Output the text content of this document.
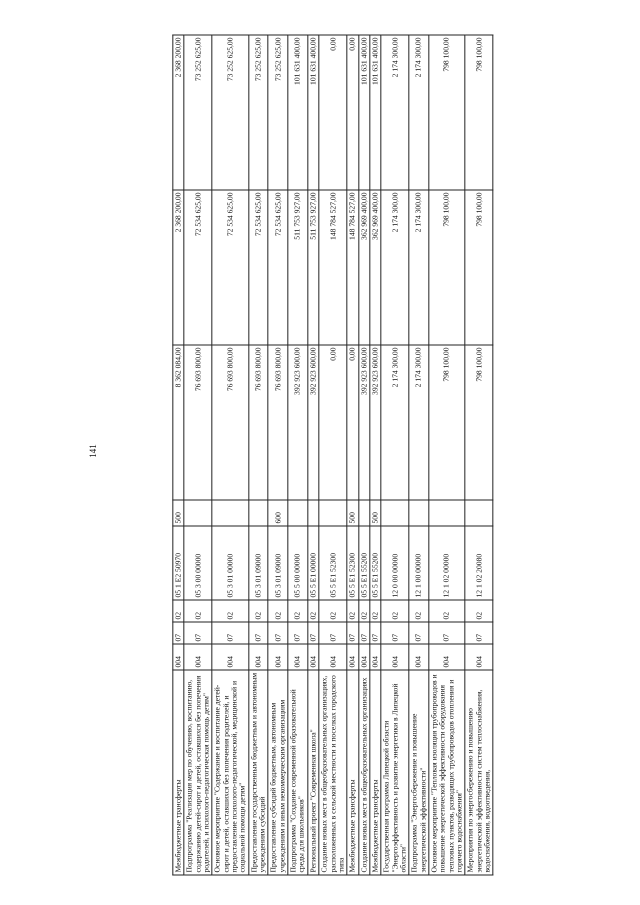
141
Межбюджетные трансферты	004	07	02	05 1 E2 50970	500	8 362 084,00	2 368 200,00	2 368 200,00
Подпрограмма "Реализация мер по обучению, воспитанию, содержанию детей-сирот и детей, оставшихся без попечения родителей, и психолого-педагогическая помощь детям"	004	07	02	05 3 00 00000		76 693 800,00	72 534 625,00	73 252 625,00
Основное мероприятие "Содержание и воспитание детей-сирот и детей, оставшихся без попечения родителей, и предоставление психолого-педагогической, медицинской и социальной помощи детям"	004	07	02	05 3 01 00000		76 693 800,00	72 534 625,00	73 252 625,00
Предоставление государственным бюджетным и автономным учреждениям субсидий	004	07	02	05 3 01 09000		76 693 800,00	72 534 625,00	73 252 625,00
Предоставление субсидий бюджетным, автономным учреждениям и иным некоммерческим организациям	004	07	02	05 3 01 09000	600	76 693 800,00	72 534 625,00	73 252 625,00
Подпрограмма "Создание современной образовательной среды для школьников"	004	07	02	05 5 00 00000		392 923 600,00	511 753 927,00	101 631 400,00
Региональный проект "Современная школа"	004	07	02	05 5 E1 00000		392 923 600,00	511 753 927,00	101 631 400,00
Создание новых мест в общеобразовательных организациях, расположенных в сельской местности и поселках городского типа	004	07	02	05 5 E1 52300		0,00	148 784 527,00	0,00
Межбюджетные трансферты	004	07	02	05 5 E1 52300	500	0,00	148 784 527,00	0,00
Создание новых мест в общеобразовательных организациях	004	07	02	05 5 E1 55200		392 923 600,00	362 969 400,00	101 631 400,00
Межбюджетные трансферты	004	07	02	05 5 E1 55200	500	392 923 600,00	362 969 400,00	101 631 400,00
Государственная программа Липецкой области "Энергоэффективность и развитие энергетики в Липецкой области"	004	07	02	12 0 00 00000		2 174 300,00	2 174 300,00	2 174 300,00
Подпрограмма "Энергосбережение и повышение энергетической эффективности"	004	07	02	12 1 00 00000		2 174 300,00	2 174 300,00	2 174 300,00
Основное мероприятие "Тепловая изоляция трубопроводов и повышение энергетической эффективности оборудования тепловых пунктов, разводящих трубопроводов отопления и горячего водоснабжения"	004	07	02	12 1 02 00000		798 100,00	798 100,00	798 100,00
Мероприятия по энергосбережению и повышению энергетической эффективности систем теплоснабжения, водоснабжения, водоотведения,	004	07	02	12 1 02 20080		798 100,00	798 100,00	798 100,00
